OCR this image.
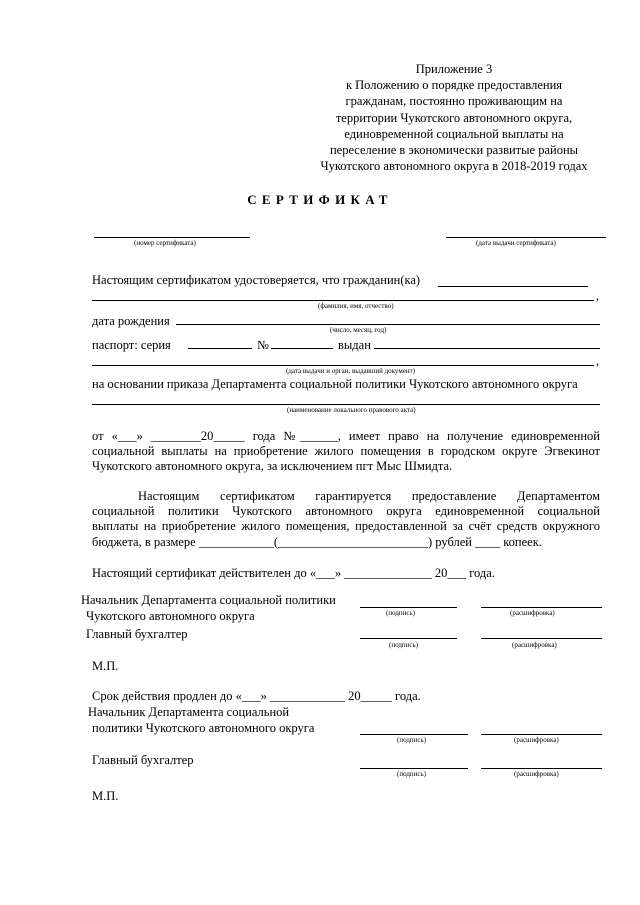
Приложение 3
к Положению о порядке предоставления
гражданам, постоянно проживающим на
территории Чукотского автономного округа,
единовременной социальной выплаты на
переселение в экономически развитые районы
Чукотского автономного округа в 2018-2019 годах
СЕРТИФИКАТ
(номер сертификата)	(дата выдачи сертификата)
Настоящим сертификатом удостоверяется, что гражданин(ка)
,
(фамилия, имя, отчество)
дата рождения
(число, месяц, год)
паспорт: серия	№	выдан
,
(дата выдачи и орган, выдавший документ)
на основании приказа Департамента социальной политики Чукотского автономного округа
(наименование локального правового акта)
от «___» ________20_____ года №______, имеет право на получение единовременной
социальной выплаты на приобретение жилого помещения в городском округе Эгвекинот
Чукотского автономного округа, за исключением пгт Мыс Шмидта.
Настоящим сертификатом гарантируется предоставление Департаментом
социальной политики Чукотского автономного округа единовременной социальной
выплаты на приобретение жилого помещения, предоставленной за счёт средств окружного
бюджета, в размере ____________(________________________) рублей ____ копеек.
Настоящий сертификат действителен до «___» ______________ 20___ года.
Начальник Департамента социальной политики
Чукотского автономного округа	(подпись)	(расшифровка)
Главный бухгалтер
(подпись)	(расшифровка)
М.П.
Срок действия продлен до «___» ____________ 20_____ года.
Начальник Департамента социальной
политики Чукотского автономного округа
(подпись)	(расшифровка)
Главный бухгалтер
(подпись)	(расшифровка)
М.П.
